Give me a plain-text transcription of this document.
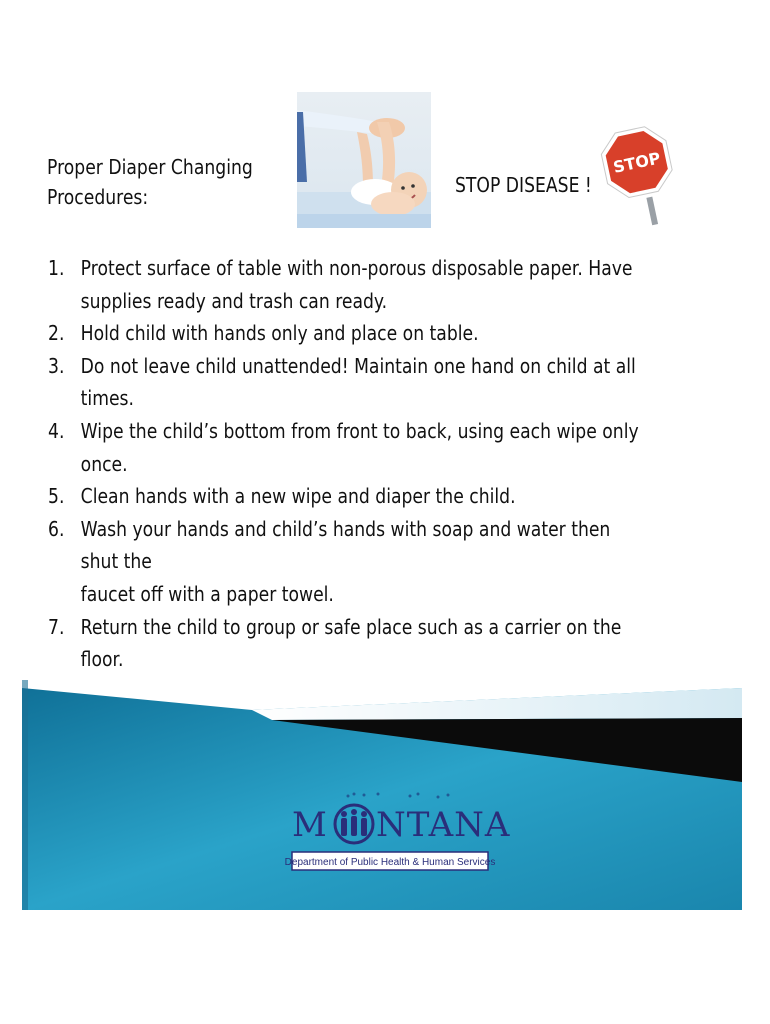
Proper Diaper Changing
Procedures:	STOP DISEASE !
STOP
1. Protect surface of table with non-porous disposable paper. Have
supplies ready and trash can ready.
2. Hold child with hands only and place on table.
3. Do not leave child unattended! Maintain one hand on child at all
times.
4. Wipe the child’s bottom from front to back, using each wipe only once.
5. Clean hands with a new wipe and diaper the child.
6. Wash your hands and child’s hands with soap and water then shut the
faucet off with a paper towel.
7. Return the child to group or safe place such as a carrier on the floor.
M NTANA
Department of Public Health & Human Services
